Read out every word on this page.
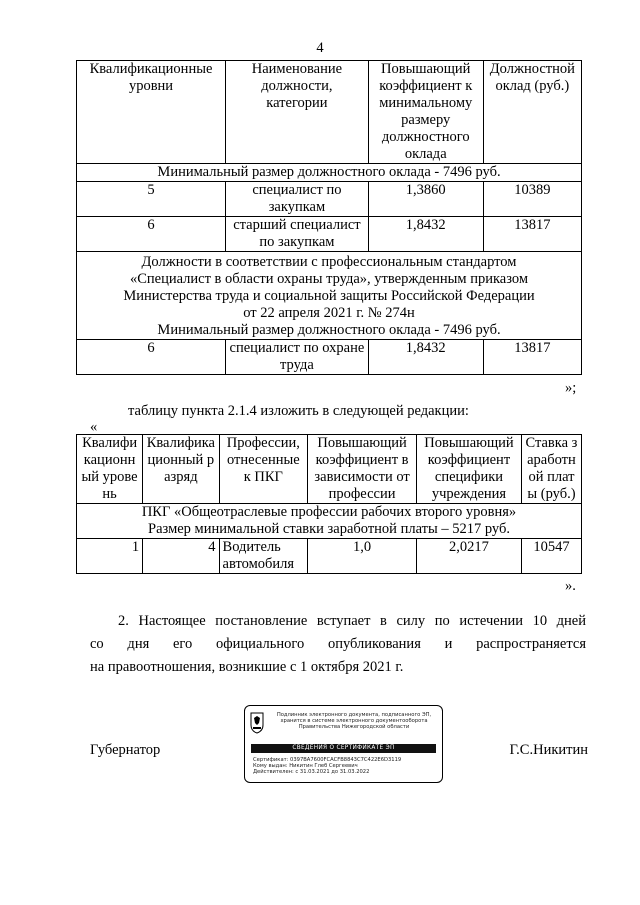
4
Квалификационные уровни	Наименование должности, категории	Повышающий коэффициент к минимальному размеру должностного оклада	Должностной оклад (руб.)
Минимальный размер должностного оклада - 7496 руб.			
5	специалист по закупкам	1,3860	10389
6	старший специалист по закупкам	1,8432	13817
Должности в соответствии с профессиональным стандартом «Специалист в области охраны труда», утвержденным приказом Министерства труда и социальной защиты Российской Федерации от 22 апреля 2021 г. № 274н
Минимальный размер должностного оклада - 7496 руб.			
6	специалист по охране труда	1,8432	13817
»;
таблицу пункта 2.1.4 изложить в следующей редакции:
«
Квалификационный уровень	Квалификационный разряд	Профессии, отнесенные к ПКГ	Повышающий коэффициент в зависимости от профессии	Повышающий коэффициент специфики учреждения	Ставка заработной платы (руб.)
ПКГ «Общеотраслевые профессии рабочих второго уровня»
Размер минимальной ставки заработной платы – 5217 руб.					
1	4	Водитель автомобиля	1,0	2,0217	10547
».
2. Настоящее постановление вступает в силу по истечении 10 дней
со дня его официального опубликования и распространяется
на правоотношения, возникшие с 1 октября 2021 г.
Подлинник электронного документа, подписанного ЭП, хранится в системе электронного документооборота Правительства Нижегородской области
СВЕДЕНИЯ О СЕРТИФИКАТЕ ЭП
Сертификат: 0397BA7600FCACFB8843C7C422E6D3119
Кому выдан: Никитин Глеб Сергеевич
Действителен: с 31.03.2021 до 31.03.2022
Губернатор	Г.С.Никитин
